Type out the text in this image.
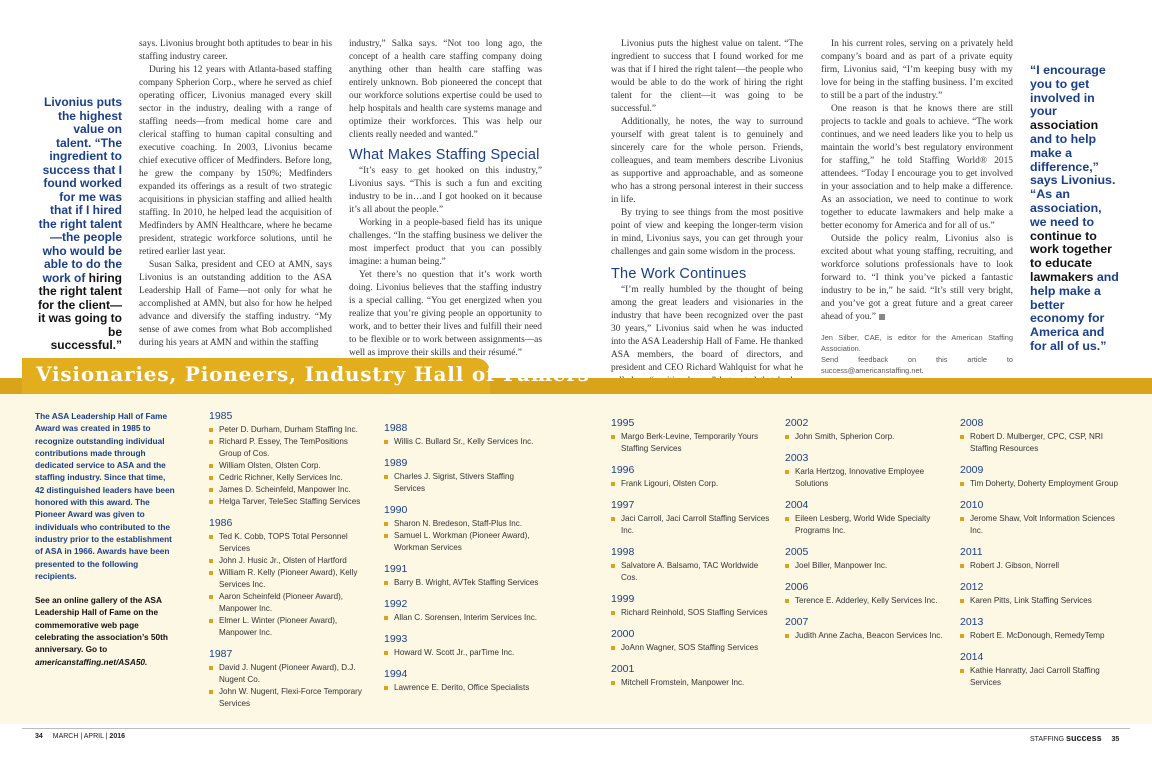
Livonius puts the highest value on talent. “The ingredient to success that I found worked for me was that if I hired the right talent—the people who would be able to do the work of hiring the right talent for the client—it was going to be successful.”

says. Livonius brought both aptitudes to bear in his staffing industry career.

During his 12 years with Atlanta-based staffing company Spherion Corp., where he served as chief operating officer, Livonius managed every skill sector in the industry, dealing with a range of staffing needs—from medical home care and clerical staffing to human capital consulting and executive coaching. In 2003, Livonius became chief executive officer of Medfinders. Before long, he grew the company by 150%; Medfinders expanded its offerings as a result of two strategic acquisitions in physician staffing and allied health staffing. In 2010, he helped lead the acquisition of Medfinders by AMN Healthcare, where he became president, strategic workforce solutions, until he retired earlier last year.

Susan Salka, president and CEO at AMN, says Livonius is an outstanding addition to the ASA Leadership Hall of Fame—not only for what he accomplished at AMN, but also for how he helped advance and diversify the staffing industry. “My sense of awe comes from what Bob accomplished during his years at AMN and within the staffing

industry,” Salka says. “Not too long ago, the concept of a health care staffing company doing anything other than health care staffing was entirely unknown. Bob pioneered the concept that our workforce solutions expertise could be used to help hospitals and health care systems manage and optimize their workforces. This was help our clients really needed and wanted.”

What Makes Staffing Special

“It’s easy to get hooked on this industry,” Livonius says. “This is such a fun and exciting industry to be in…and I got hooked on it because it’s all about the people.”

Working in a people-based field has its unique challenges. “In the staffing business we deliver the most imperfect product that you can possibly imagine: a human being.”

Yet there’s no question that it’s work worth doing. Livonius believes that the staffing industry is a special calling. “You get energized when you realize that you’re giving people an opportunity to work, and to better their lives and fulfill their need to be flexible or to work between assignments—as well as improve their skills and their résumé.”

Livonius puts the highest value on talent. “The ingredient to success that I found worked for me was that if I hired the right talent—the people who would be able to do the work of hiring the right talent for the client—it was going to be successful.”

Additionally, he notes, the way to surround yourself with great talent is to genuinely and sincerely care for the whole person. Friends, colleagues, and team members describe Livonius as supportive and approachable, and as someone who has a strong personal interest in their success in life.

By trying to see things from the most positive point of view and keeping the longer-term vision in mind, Livonius says, you can get through your challenges and gain some wisdom in the process.

The Work Continues

“I’m really humbled by the thought of being among the great leaders and visionaries in the industry that have been recognized over the past 30 years,” Livonius said when he was inducted into the ASA Leadership Hall of Fame. He thanked ASA members, the board of directors, and president and CEO Richard Wahlquist for what he

In his current roles, serving on a privately held company’s board and as part of a private equity firm, Livonius said, “I’m keeping busy with my love for being in the staffing business. I’m excited to still be a part of the industry.”

One reason is that he knows there are still projects to tackle and goals to achieve. “The work continues, and we need leaders like you to help us maintain the world’s best regulatory environment for staffing,” he told Staffing World® 2015 attendees. “Today I encourage you to get involved in your association and to help make a difference. As an association, we need to continue to work together to educate lawmakers and help make a better economy for America and for all of us.”

Outside the policy realm, Livonius also is excited about what young staffing, recruiting, and workforce solutions professionals have to look forward to. “I think you’ve picked a fantastic industry to be in,” he said. “It’s still very bright, and you’ve got a great future and a great career ahead of you.”

Jen Silber, CAE, is editor for the American Staffing Association.
Send feedback on this article to success@americanstaffing.net.
“I encourage you to get involved in your association and to help make a difference,” says Livonius. “As an association, we need to continue to work together to educate lawmakers and help make a better economy for America and for all of us.”
Visionaries, Pioneers, Industry Hall of Famers
The ASA Leadership Hall of Fame Award was created in 1985 to recognize outstanding individual contributions made through dedicated service to ASA and the staffing industry. Since that time, 42 distinguished leaders have been honored with this award. The Pioneer Award was given to individuals who contributed to the industry prior to the establishment of ASA in 1966. Awards have been presented to the following recipients.
See an online gallery of the ASA Leadership Hall of Fame on the commemorative web page celebrating the association’s 50th anniversary. Go to americanstaffing.net/ASA50.
1985
Peter D. Durham, Durham Staffing Inc.
Richard P. Essey, The TemPositions Group of Cos.
William Olsten, Olsten Corp.
Cedric Richner, Kelly Services Inc.
James D. Scheinfeld, Manpower Inc.
Helga Tarver, TeleSec Staffing Services
1986
Ted K. Cobb, TOPS Total Personnel Services
John J. Husic Jr., Olsten of Hartford
William R. Kelly (Pioneer Award), Kelly Services Inc.
Aaron Scheinfeld (Pioneer Award), Manpower Inc.
Elmer L. Winter (Pioneer Award), Manpower Inc.
1987
David J. Nugent (Pioneer Award), D.J. Nugent Co.
John W. Nugent, Flexi-Force Temporary Services
1988
Willis C. Bullard Sr., Kelly Services Inc.
1989
Charles J. Sigrist, Stivers Staffing Services
1990
Sharon N. Bredeson, Staff-Plus Inc.
Samuel L. Workman (Pioneer Award), Workman Services
1991
Barry B. Wright, AVTek Staffing Services
1992
Allan C. Sorensen, Interim Services Inc.
1993
Howard W. Scott Jr., parTime Inc.
1994
Lawrence E. Derito, Office Specialists
1995
Margo Berk-Levine, Temporarily Yours Staffing Services
1996
Frank Ligouri, Olsten Corp.
1997
Jaci Carroll, Jaci Carroll Staffing Services Inc.
1998
Salvatore A. Balsamo, TAC Worldwide Cos.
1999
Richard Reinhold, SOS Staffing Services
2000
JoAnn Wagner, SOS Staffing Services
2001
Mitchell Fromstein, Manpower Inc.
2002
John Smith, Spherion Corp.
2003
Karla Hertzog, Innovative Employee Solutions
2004
Eileen Lesberg, World Wide Specialty Programs Inc.
2005
Joel Biller, Manpower Inc.
2006
Terence E. Adderley, Kelly Services Inc.
2007
Judith Anne Zacha, Beacon Services Inc.
2008
Robert D. Mulberger, CPC, CSP, NRI Staffing Resources
2009
Tim Doherty, Doherty Employment Group
2010
Jerome Shaw, Volt Information Sciences Inc.
2011
Robert J. Gibson, Norrell
2012
Karen Pitts, Link Staffing Services
2013
Robert E. McDonough, RemedyTemp
2014
Kathie Hanratty, Jaci Carroll Staffing Services
34 MARCH | APRIL | 2016	STAFFING success 35
